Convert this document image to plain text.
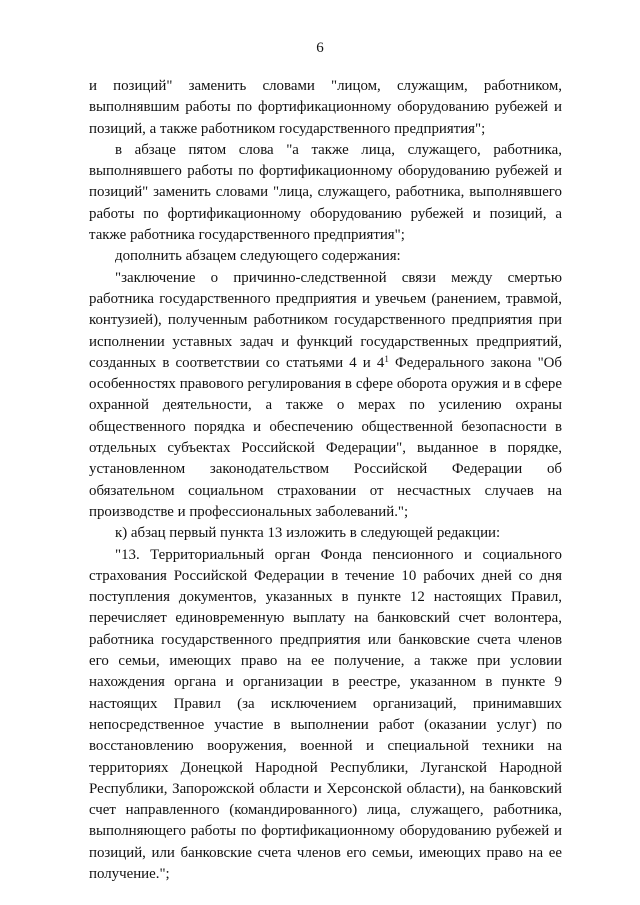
6

и позиций" заменить словами "лицом, служащим, работником, выполнявшим работы по фортификационному оборудованию рубежей и позиций, а также работником государственного предприятия";

в абзаце пятом слова "а также лица, служащего, работника, выполнявшего работы по фортификационному оборудованию рубежей и позиций" заменить словами "лица, служащего, работника, выполнявшего работы по фортификационному оборудованию рубежей и позиций, а также работника государственного предприятия";

дополнить абзацем следующего содержания:

"заключение о причинно-следственной связи между смертью работника государственного предприятия и увечьем (ранением, травмой, контузией), полученным работником государственного предприятия при исполнении уставных задач и функций государственных предприятий, созданных в соответствии со статьями 4 и $4^1$ Федерального закона "Об особенностях правового регулирования в сфере оборота оружия и в сфере охранной деятельности, а также о мерах по усилению охраны общественного порядка и обеспечению общественной безопасности в отдельных субъектах Российской Федерации", выданное в порядке, установленном законодательством Российской Федерации об обязательном социальном страховании от несчастных случаев на производстве и профессиональных заболеваний.";

к) абзац первый пункта 13 изложить в следующей редакции:

"13. Территориальный орган Фонда пенсионного и социального страхования Российской Федерации в течение 10 рабочих дней со дня поступления документов, указанных в пункте 12 настоящих Правил, перечисляет единовременную выплату на банковский счет волонтера, работника государственного предприятия или банковские счета членов его семьи, имеющих право на ее получение, а также при условии нахождения органа и организации в реестре, указанном в пункте 9 настоящих Правил (за исключением организаций, принимавших непосредственное участие в выполнении работ (оказании услуг) по восстановлению вооружения, военной и специальной техники на территориях Донецкой Народной Республики, Луганской Народной Республики, Запорожской области и Херсонской области), на банковский счет направленного (командированного) лица, служащего, работника, выполняющего работы по фортификационному оборудованию рубежей и позиций, или банковские счета членов его семьи, имеющих право на ее получение.";
